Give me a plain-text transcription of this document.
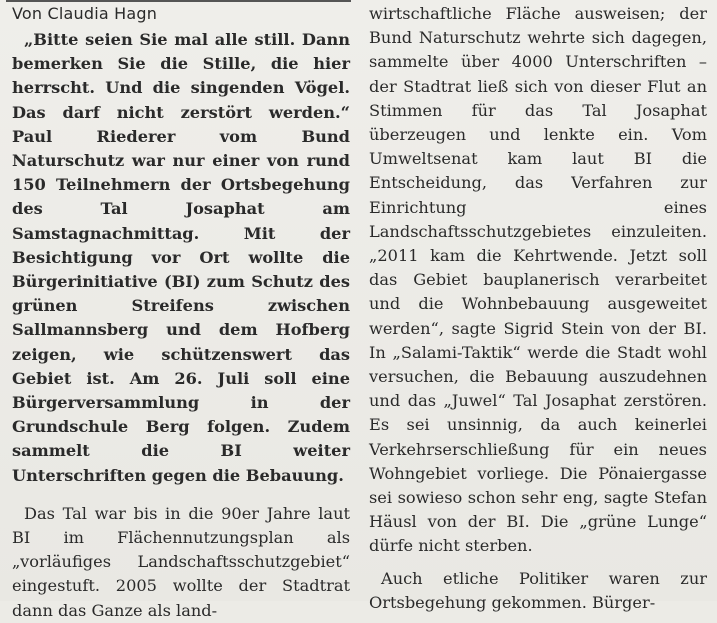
Von Claudia Hagn

„Bitte seien Sie mal alle still. Dann bemerken Sie die Stille, die hier herrscht. Und die singenden Vögel. Das darf nicht zerstört werden.“ Paul Riederer vom Bund Naturschutz war nur einer von rund 150 Teilnehmern der Ortsbegehung des Tal Josaphat am Samstagnachmittag. Mit der Besichtigung vor Ort wollte die Bürgerinitiative (BI) zum Schutz des grünen Streifens zwischen Sallmannsberg und dem Hofberg zeigen, wie schützenswert das Gebiet ist. Am 26. Juli soll eine Bürgerversammlung in der Grundschule Berg folgen. Zudem sammelt die BI weiter Unterschriften gegen die Bebauung.

Das Tal war bis in die 90er Jahre laut BI im Flächennutzungsplan als „vorläufiges Landschaftsschutzgebiet“ eingestuft. 2005 wollte der Stadtrat dann das Ganze als land-

wirtschaftliche Fläche ausweisen; der Bund Naturschutz wehrte sich dagegen, sammelte über 4000 Unterschriften – der Stadtrat ließ sich von dieser Flut an Stimmen für das Tal Josaphat überzeugen und lenkte ein. Vom Umweltsenat kam laut BI die Entscheidung, das Verfahren zur Einrichtung eines Landschaftsschutzgebietes einzuleiten. „2011 kam die Kehrtwende. Jetzt soll das Gebiet bauplanerisch verarbeitet und die Wohnbebauung ausgeweitet werden“, sagte Sigrid Stein von der BI. In „Salami-Taktik“ werde die Stadt wohl versuchen, die Bebauung auszudehnen und das „Juwel“ Tal Josaphat zerstören. Es sei unsinnig, da auch keinerlei Verkehrserschließung für ein neues Wohngebiet vorliege. Die Pönaiergasse sei sowieso schon sehr eng, sagte Stefan Häusl von der BI. Die „grüne Lunge“ dürfe nicht sterben.

Auch etliche Politiker waren zur Ortsbegehung gekommen. Bürger-
